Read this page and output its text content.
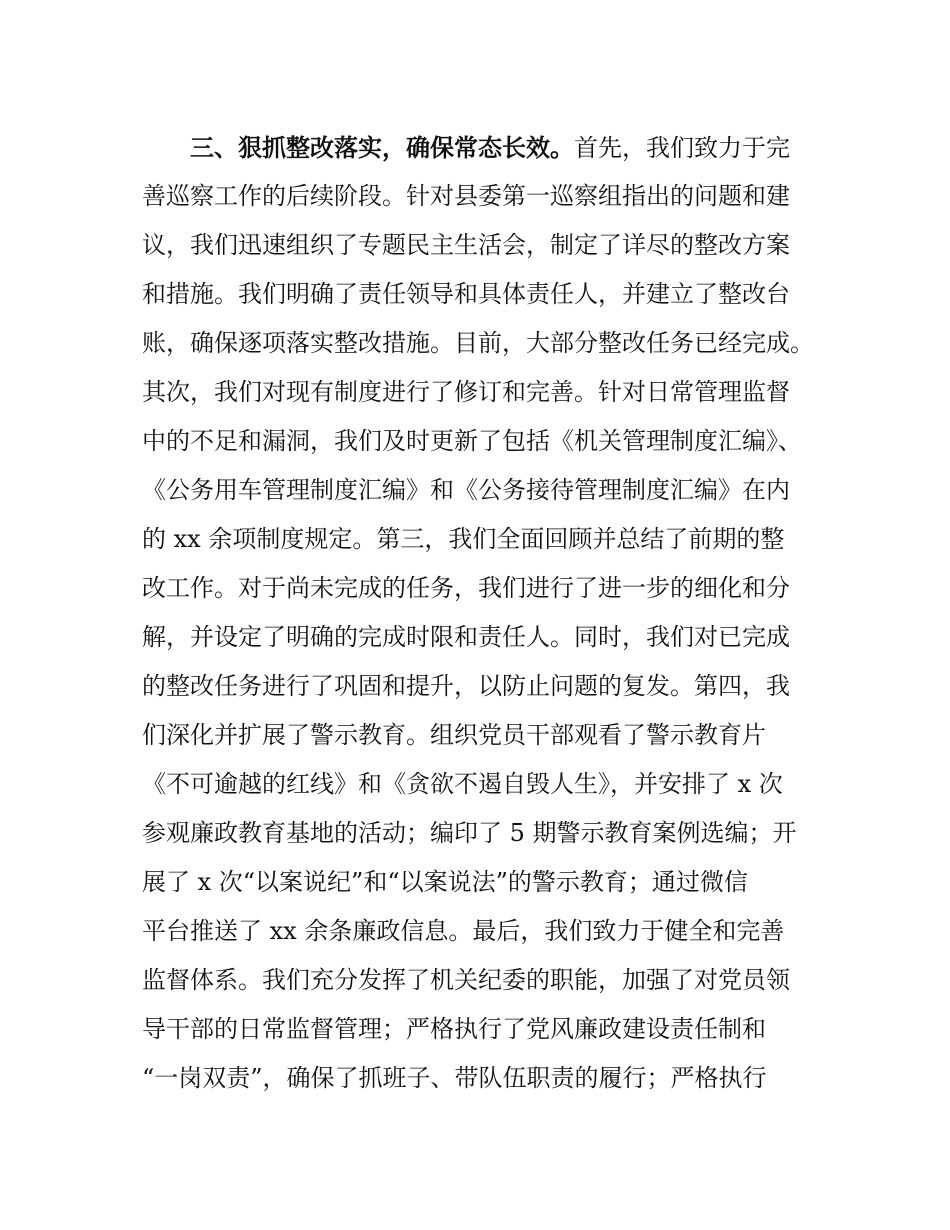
三、狠抓整改落实，确保常态长效。首先，我们致力于完
善巡察工作的后续阶段。针对县委第一巡察组指出的问题和建
议，我们迅速组织了专题民主生活会，制定了详尽的整改方案
和措施。我们明确了责任领导和具体责任人，并建立了整改台
账，确保逐项落实整改措施。目前，大部分整改任务已经完成。
其次，我们对现有制度进行了修订和完善。针对日常管理监督
中的不足和漏洞，我们及时更新了包括《机关管理制度汇编》、
《公务用车管理制度汇编》和《公务接待管理制度汇编》在内
的 xx 余项制度规定。第三，我们全面回顾并总结了前期的整
改工作。对于尚未完成的任务，我们进行了进一步的细化和分
解，并设定了明确的完成时限和责任人。同时，我们对已完成
的整改任务进行了巩固和提升，以防止问题的复发。第四，我
们深化并扩展了警示教育。组织党员干部观看了警示教育片
《不可逾越的红线》和《贪欲不遏自毁人生》，并安排了 x 次
参观廉政教育基地的活动；编印了 5 期警示教育案例选编；开
展了 x 次“以案说纪”和“以案说法”的警示教育；通过微信
平台推送了 xx 余条廉政信息。最后，我们致力于健全和完善
监督体系。我们充分发挥了机关纪委的职能，加强了对党员领
导干部的日常监督管理；严格执行了党风廉政建设责任制和
“一岗双责”，确保了抓班子、带队伍职责的履行；严格执行
